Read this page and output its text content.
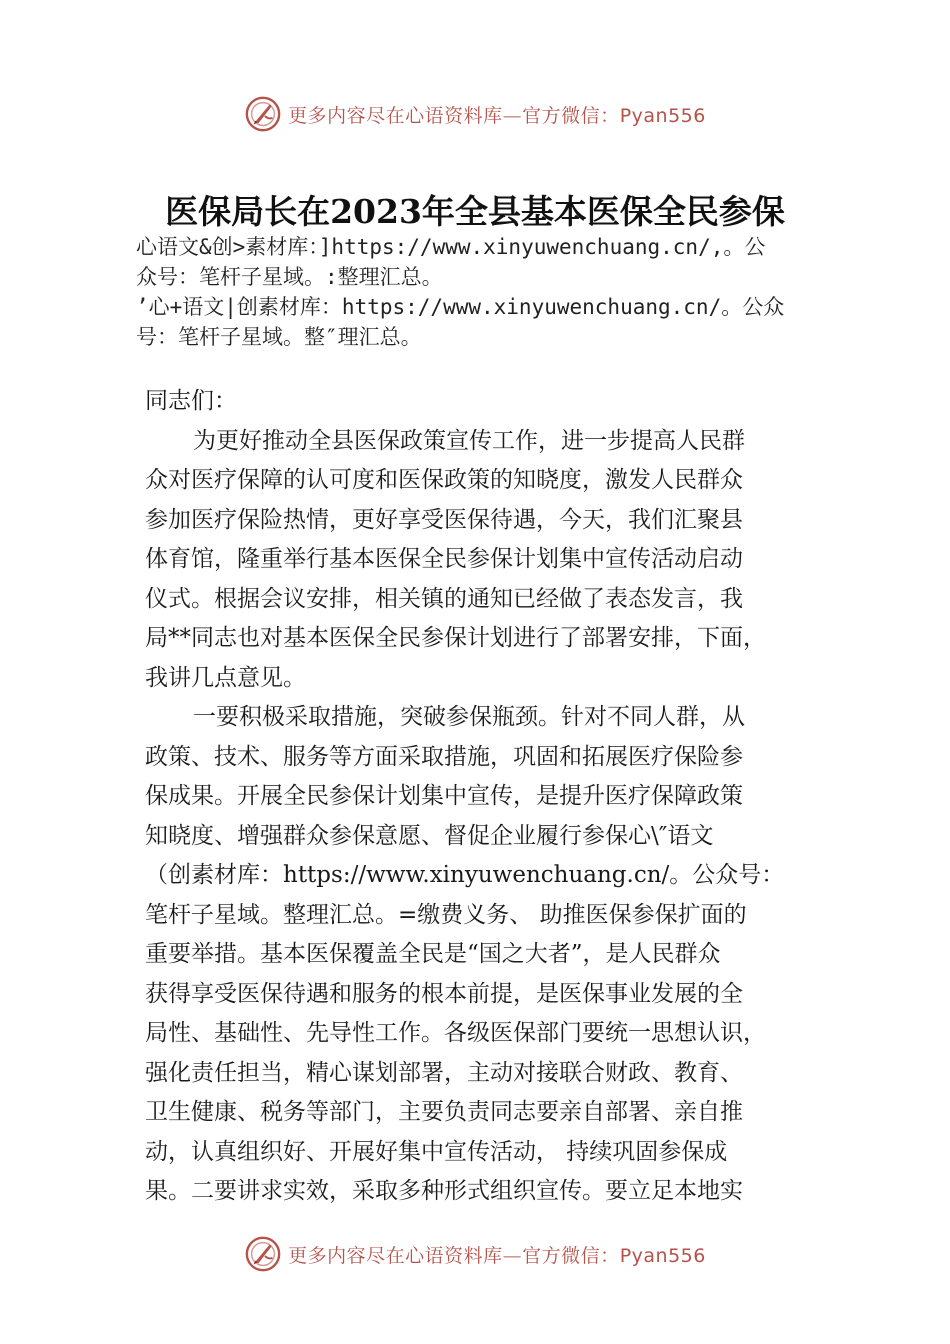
更多内容尽在心语资料库—官方微信：Pyan556
医保局长在2023年全县基本医保全民参保
心语文&创>素材库：]https://www.xinyuwenchuang.cn/,。公
众号：笔杆子星域。:整理汇总。
’心+语文|创素材库：https://www.xinyuwenchuang.cn/。公众
号：笔杆子星域。整″理汇总。
同志们：
为更好推动全县医保政策宣传工作，进一步提高人民群
众对医疗保障的认可度和医保政策的知晓度，激发人民群众
参加医疗保险热情，更好享受医保待遇，今天，我们汇聚县
体育馆，隆重举行基本医保全民参保计划集中宣传活动启动
仪式。根据会议安排，相关镇的通知已经做了表态发言，我
局**同志也对基本医保全民参保计划进行了部署安排，下面，
我讲几点意见。
一要积极采取措施，突破参保瓶颈。针对不同人群，从
政策、技术、服务等方面采取措施，巩固和拓展医疗保险参
保成果。开展全民参保计划集中宣传，是提升医疗保障政策
知晓度、增强群众参保意愿、督促企业履行参保心\″语文
（创素材库：https://www.xinyuwenchuang.cn/。公众号：
笔杆子星域。整理汇总。=缴费义务、 助推医保参保扩面的
重要举措。基本医保覆盖全民是“国之大者”，是人民群众
获得享受医保待遇和服务的根本前提，是医保事业发展的全
局性、基础性、先导性工作。各级医保部门要统一思想认识，
强化责任担当，精心谋划部署，主动对接联合财政、教育、
卫生健康、税务等部门，主要负责同志要亲自部署、亲自推
动，认真组织好、开展好集中宣传活动， 持续巩固参保成
果。二要讲求实效，采取多种形式组织宣传。要立足本地实
更多内容尽在心语资料库—官方微信：Pyan556
